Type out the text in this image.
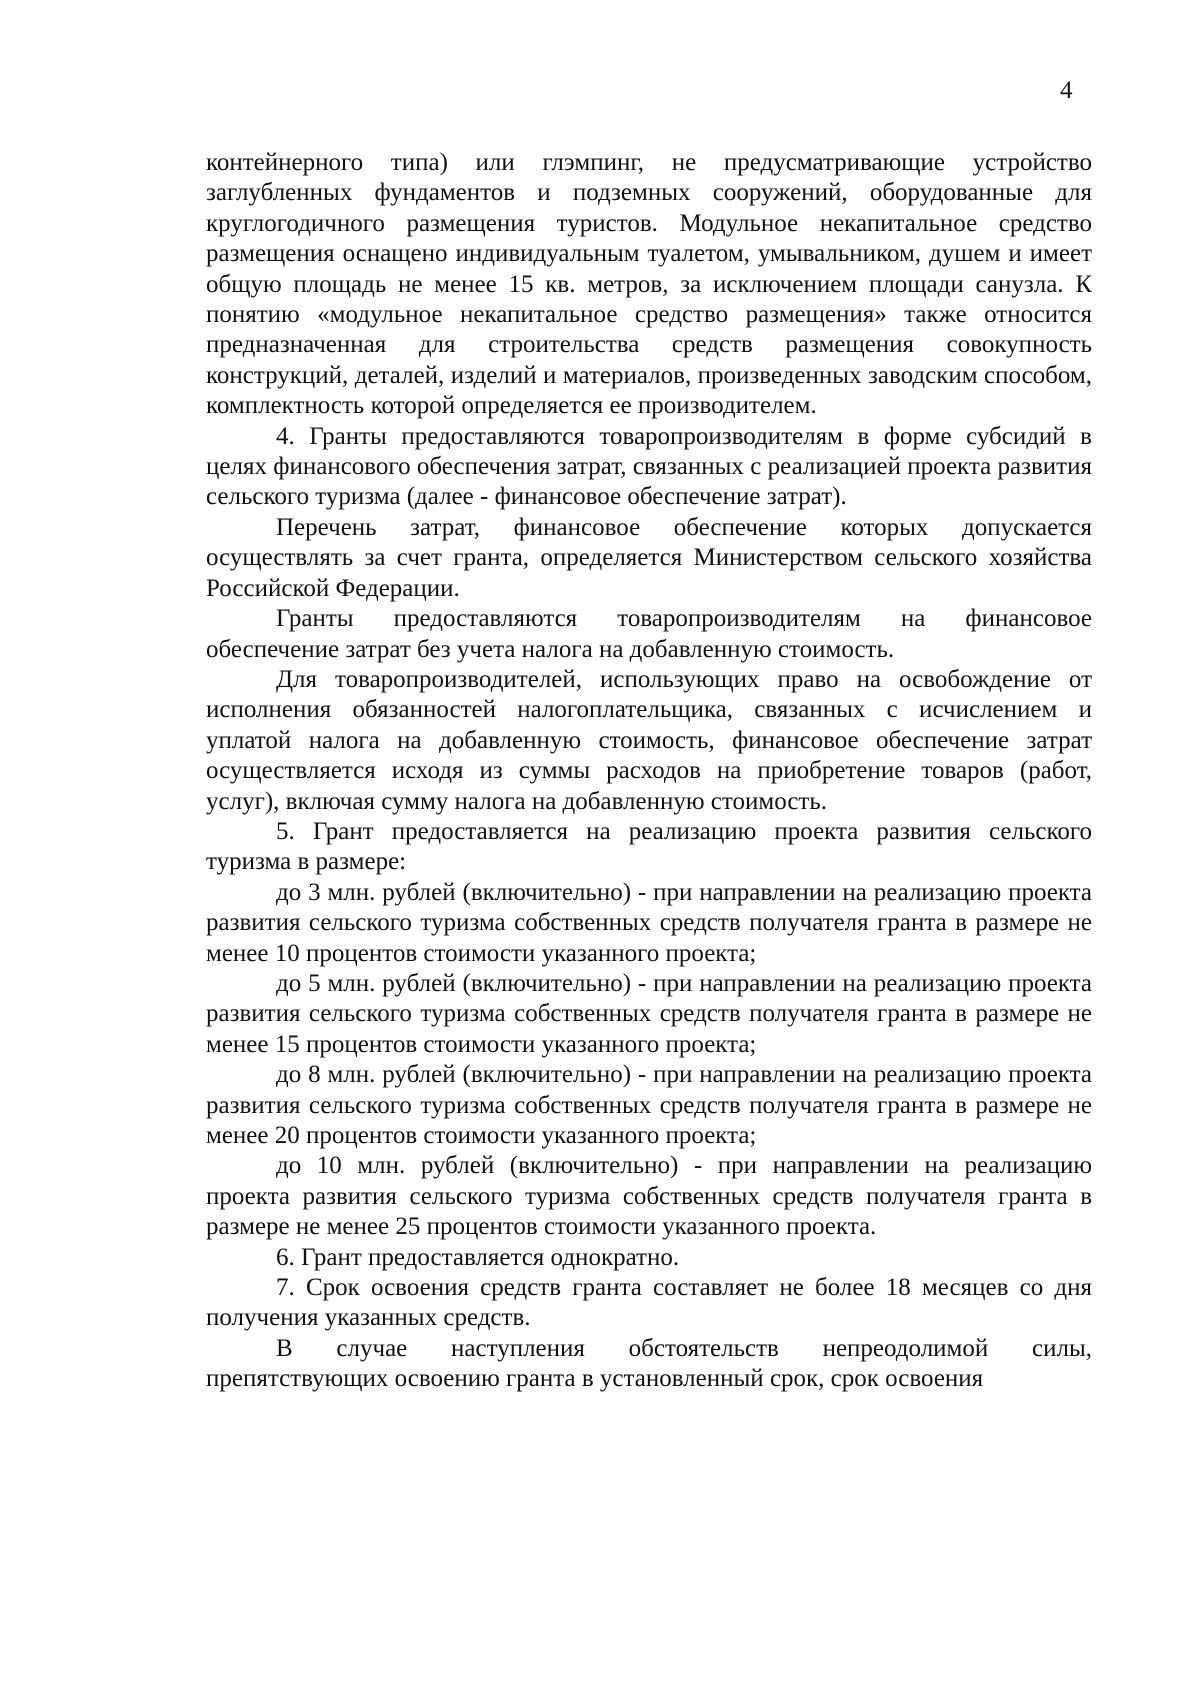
4

контейнерного типа) или глэмпинг, не предусматривающие устройство заглубленных фундаментов и подземных сооружений, оборудованные для круглогодичного размещения туристов. Модульное некапитальное средство размещения оснащено индивидуальным туалетом, умывальником, душем и имеет общую площадь не менее 15 кв. метров, за исключением площади санузла. К понятию «модульное некапитальное средство размещения» также относится предназначенная для строительства средств размещения совокупность конструкций, деталей, изделий и материалов, произведенных заводским способом, комплектность которой определяется ее производителем.

4. Гранты предоставляются товаропроизводителям в форме субсидий в целях финансового обеспечения затрат, связанных с реализацией проекта развития сельского туризма (далее - финансовое обеспечение затрат).

Перечень затрат, финансовое обеспечение которых допускается осуществлять за счет гранта, определяется Министерством сельского хозяйства Российской Федерации.

Гранты предоставляются товаропроизводителям на финансовое обеспечение затрат без учета налога на добавленную стоимость.

Для товаропроизводителей, использующих право на освобождение от исполнения обязанностей налогоплательщика, связанных с исчислением и уплатой налога на добавленную стоимость, финансовое обеспечение затрат осуществляется исходя из суммы расходов на приобретение товаров (работ, услуг), включая сумму налога на добавленную стоимость.

5. Грант предоставляется на реализацию проекта развития сельского туризма в размере:

до 3 млн. рублей (включительно) - при направлении на реализацию проекта развития сельского туризма собственных средств получателя гранта в размере не менее 10 процентов стоимости указанного проекта;

до 5 млн. рублей (включительно) - при направлении на реализацию проекта развития сельского туризма собственных средств получателя гранта в размере не менее 15 процентов стоимости указанного проекта;

до 8 млн. рублей (включительно) - при направлении на реализацию проекта развития сельского туризма собственных средств получателя гранта в размере не менее 20 процентов стоимости указанного проекта;

до 10 млн. рублей (включительно) - при направлении на реализацию проекта развития сельского туризма собственных средств получателя гранта в размере не менее 25 процентов стоимости указанного проекта.

6. Грант предоставляется однократно.

7. Срок освоения средств гранта составляет не более 18 месяцев со дня получения указанных средств.

В случае наступления обстоятельств непреодолимой силы, препятствующих освоению гранта в установленный срок, срок освоения
